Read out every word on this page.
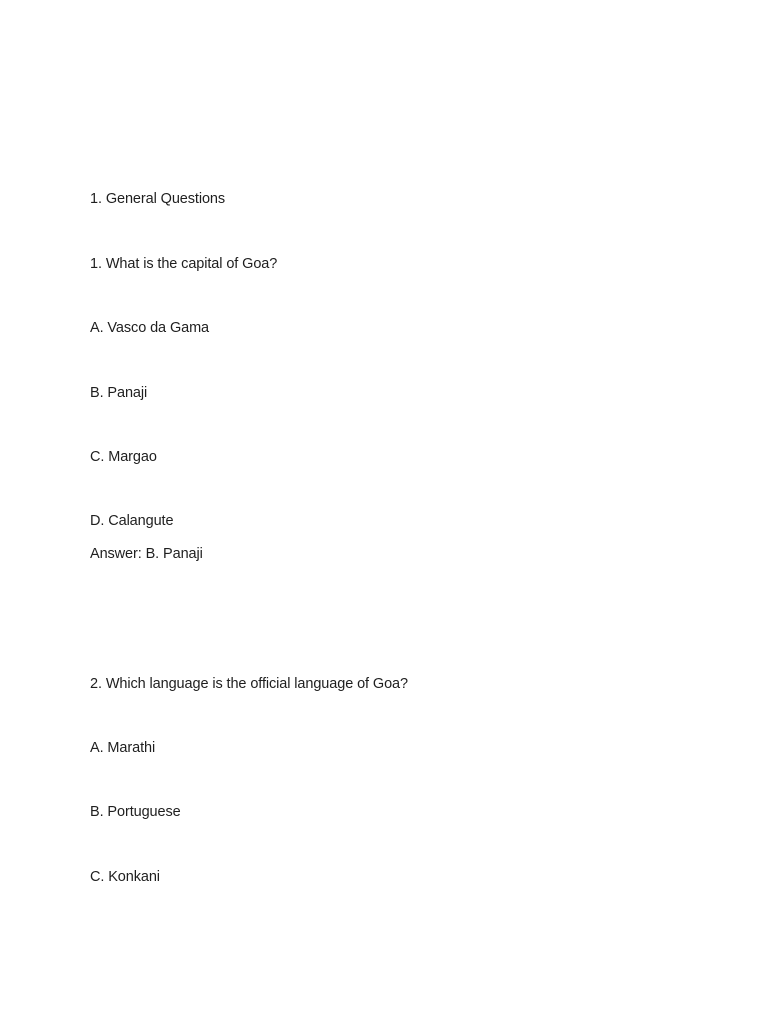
1. General Questions
1. What is the capital of Goa?
A. Vasco da Gama
B. Panaji
C. Margao
D. Calangute
Answer: B. Panaji
2. Which language is the official language of Goa?
A. Marathi
B. Portuguese
C. Konkani
